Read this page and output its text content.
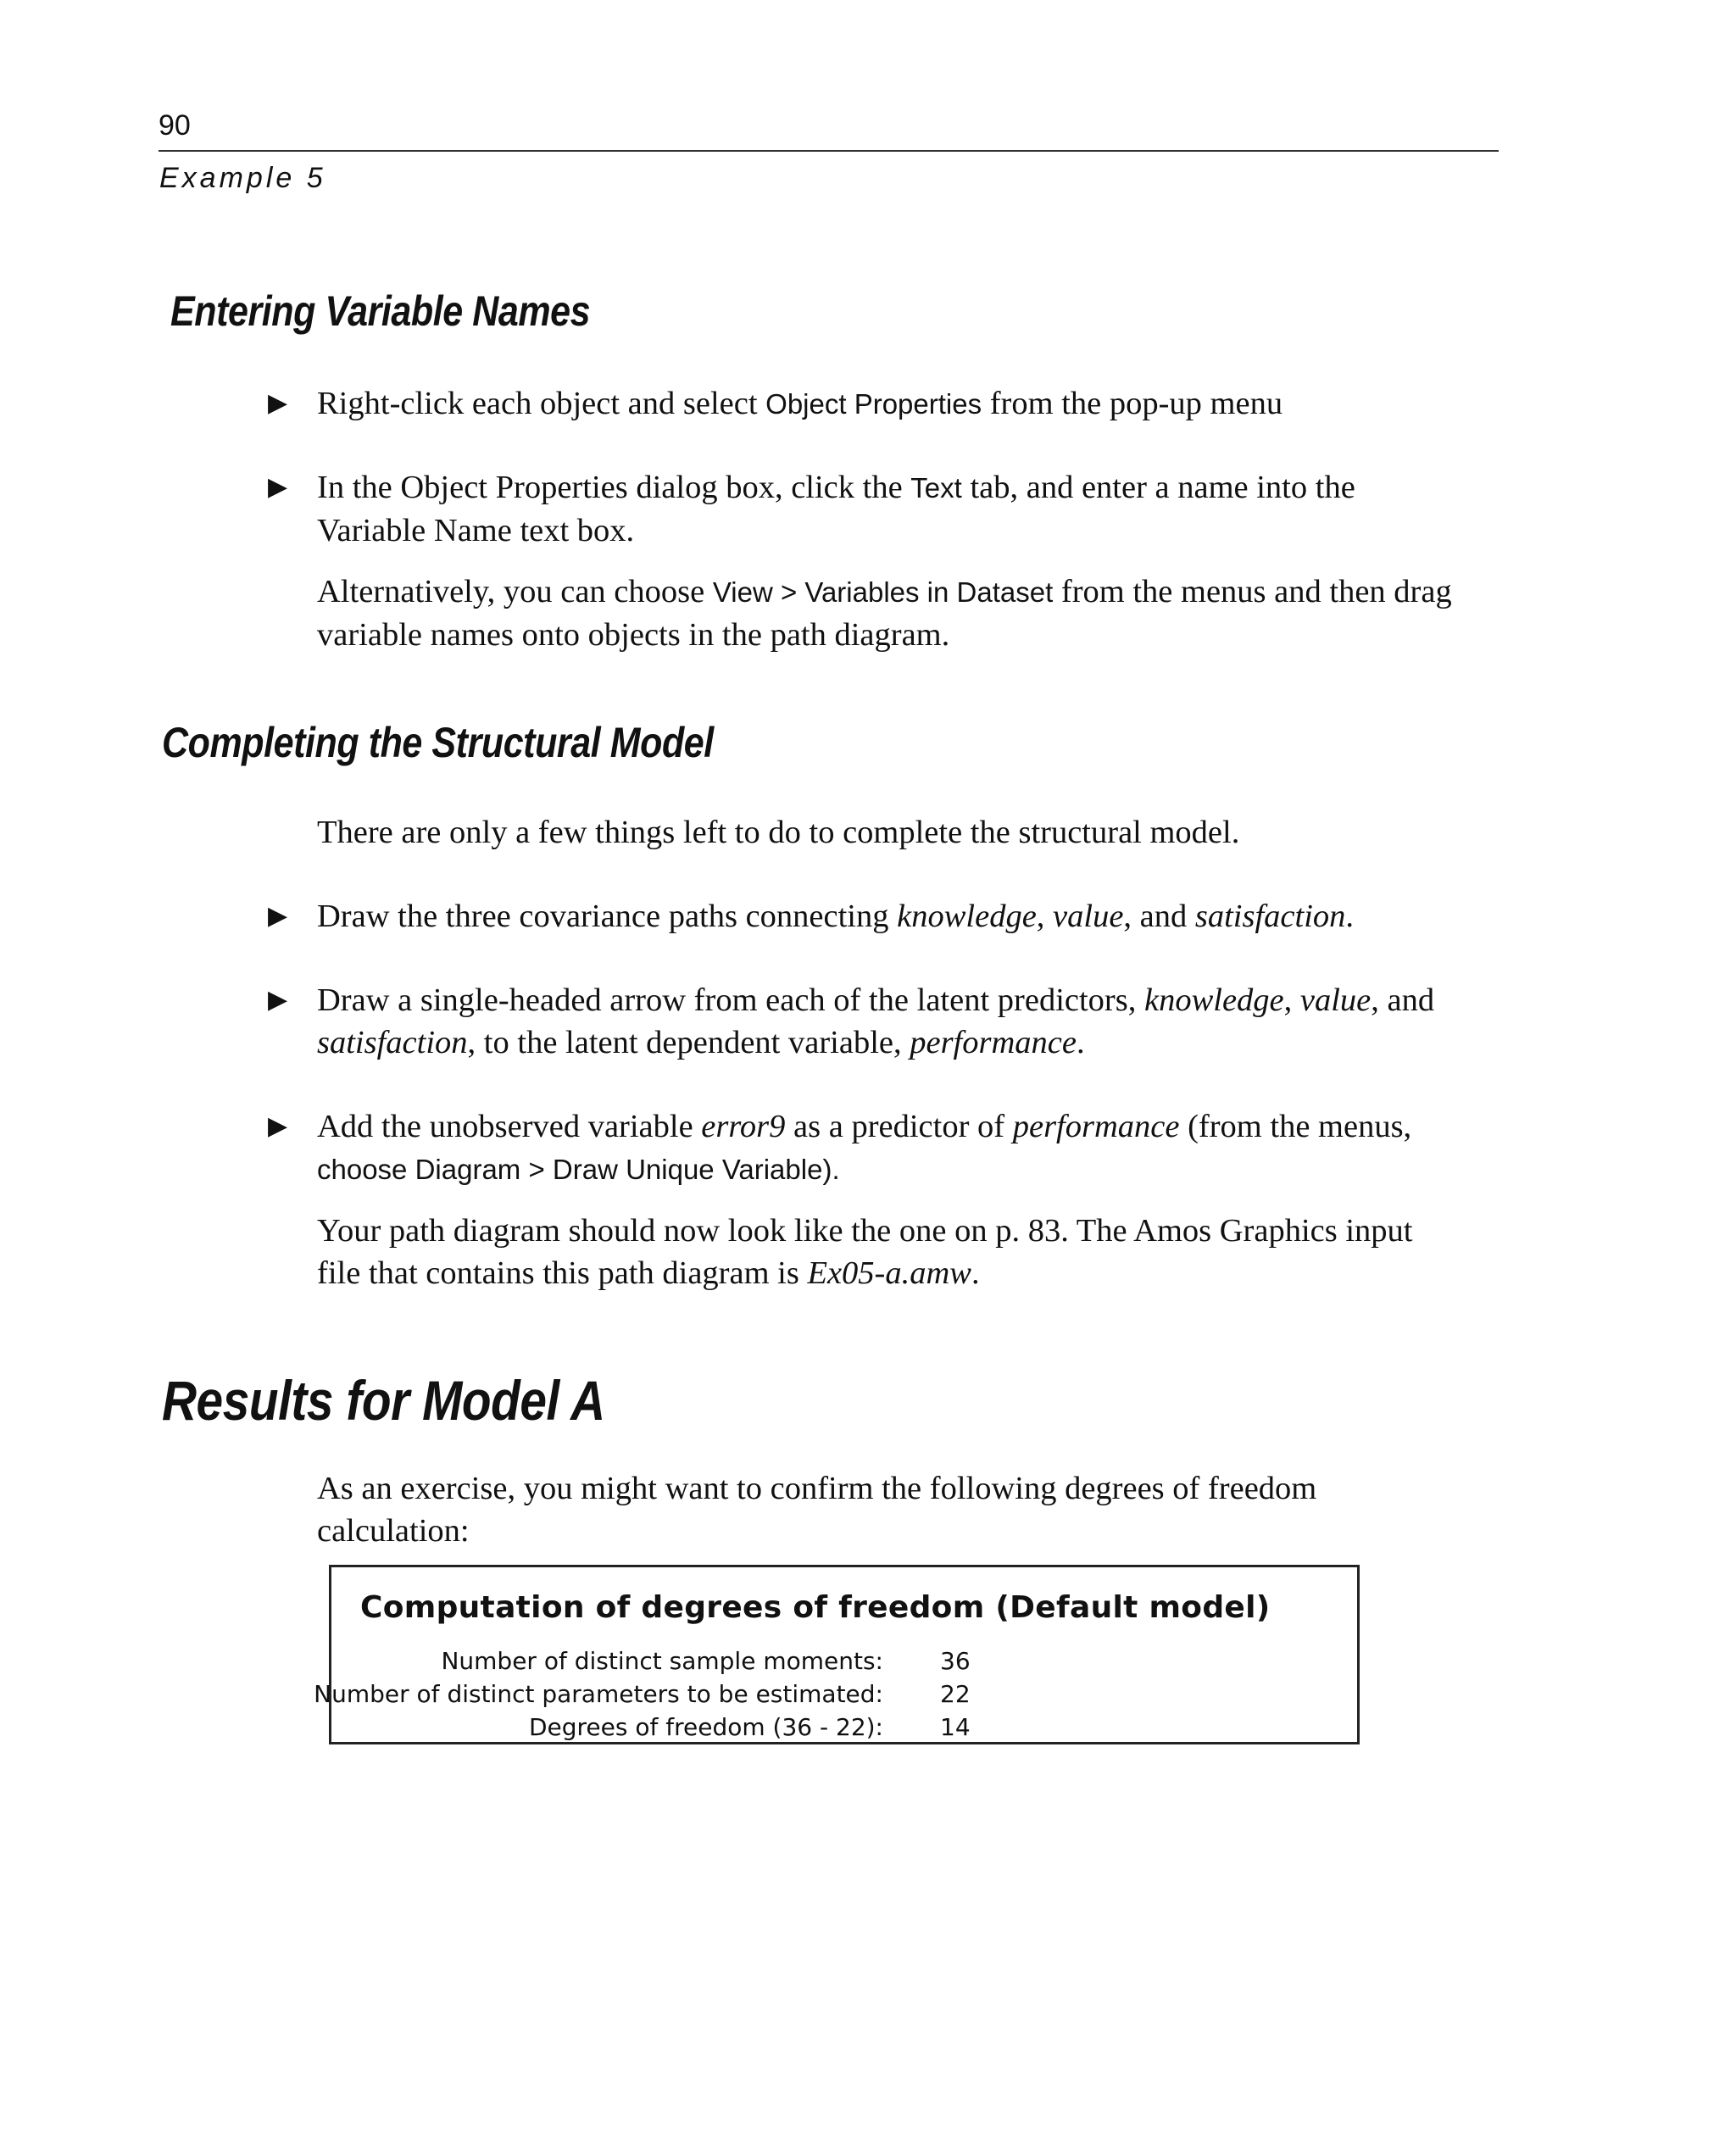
90
Example 5
Entering Variable Names
▶ Right-click each object and select Object Properties from the pop-up menu
▶ In the Object Properties dialog box, click the Text tab, and enter a name into the
Variable Name text box.
Alternatively, you can choose View > Variables in Dataset from the menus and then drag
variable names onto objects in the path diagram.
Completing the Structural Model
There are only a few things left to do to complete the structural model.
▶ Draw the three covariance paths connecting knowledge, value, and satisfaction.
▶ Draw a single-headed arrow from each of the latent predictors, knowledge, value, and
satisfaction, to the latent dependent variable, performance.
▶ Add the unobserved variable error9 as a predictor of performance (from the menus,
choose Diagram > Draw Unique Variable).
Your path diagram should now look like the one on p. 83. The Amos Graphics input
file that contains this path diagram is Ex05-a.amw.
Results for Model A
As an exercise, you might want to confirm the following degrees of freedom
calculation:
Computation of degrees of freedom (Default model)
Number of distinct sample moments: 36
Number of distinct parameters to be estimated: 22
Degrees of freedom (36 - 22): 14
